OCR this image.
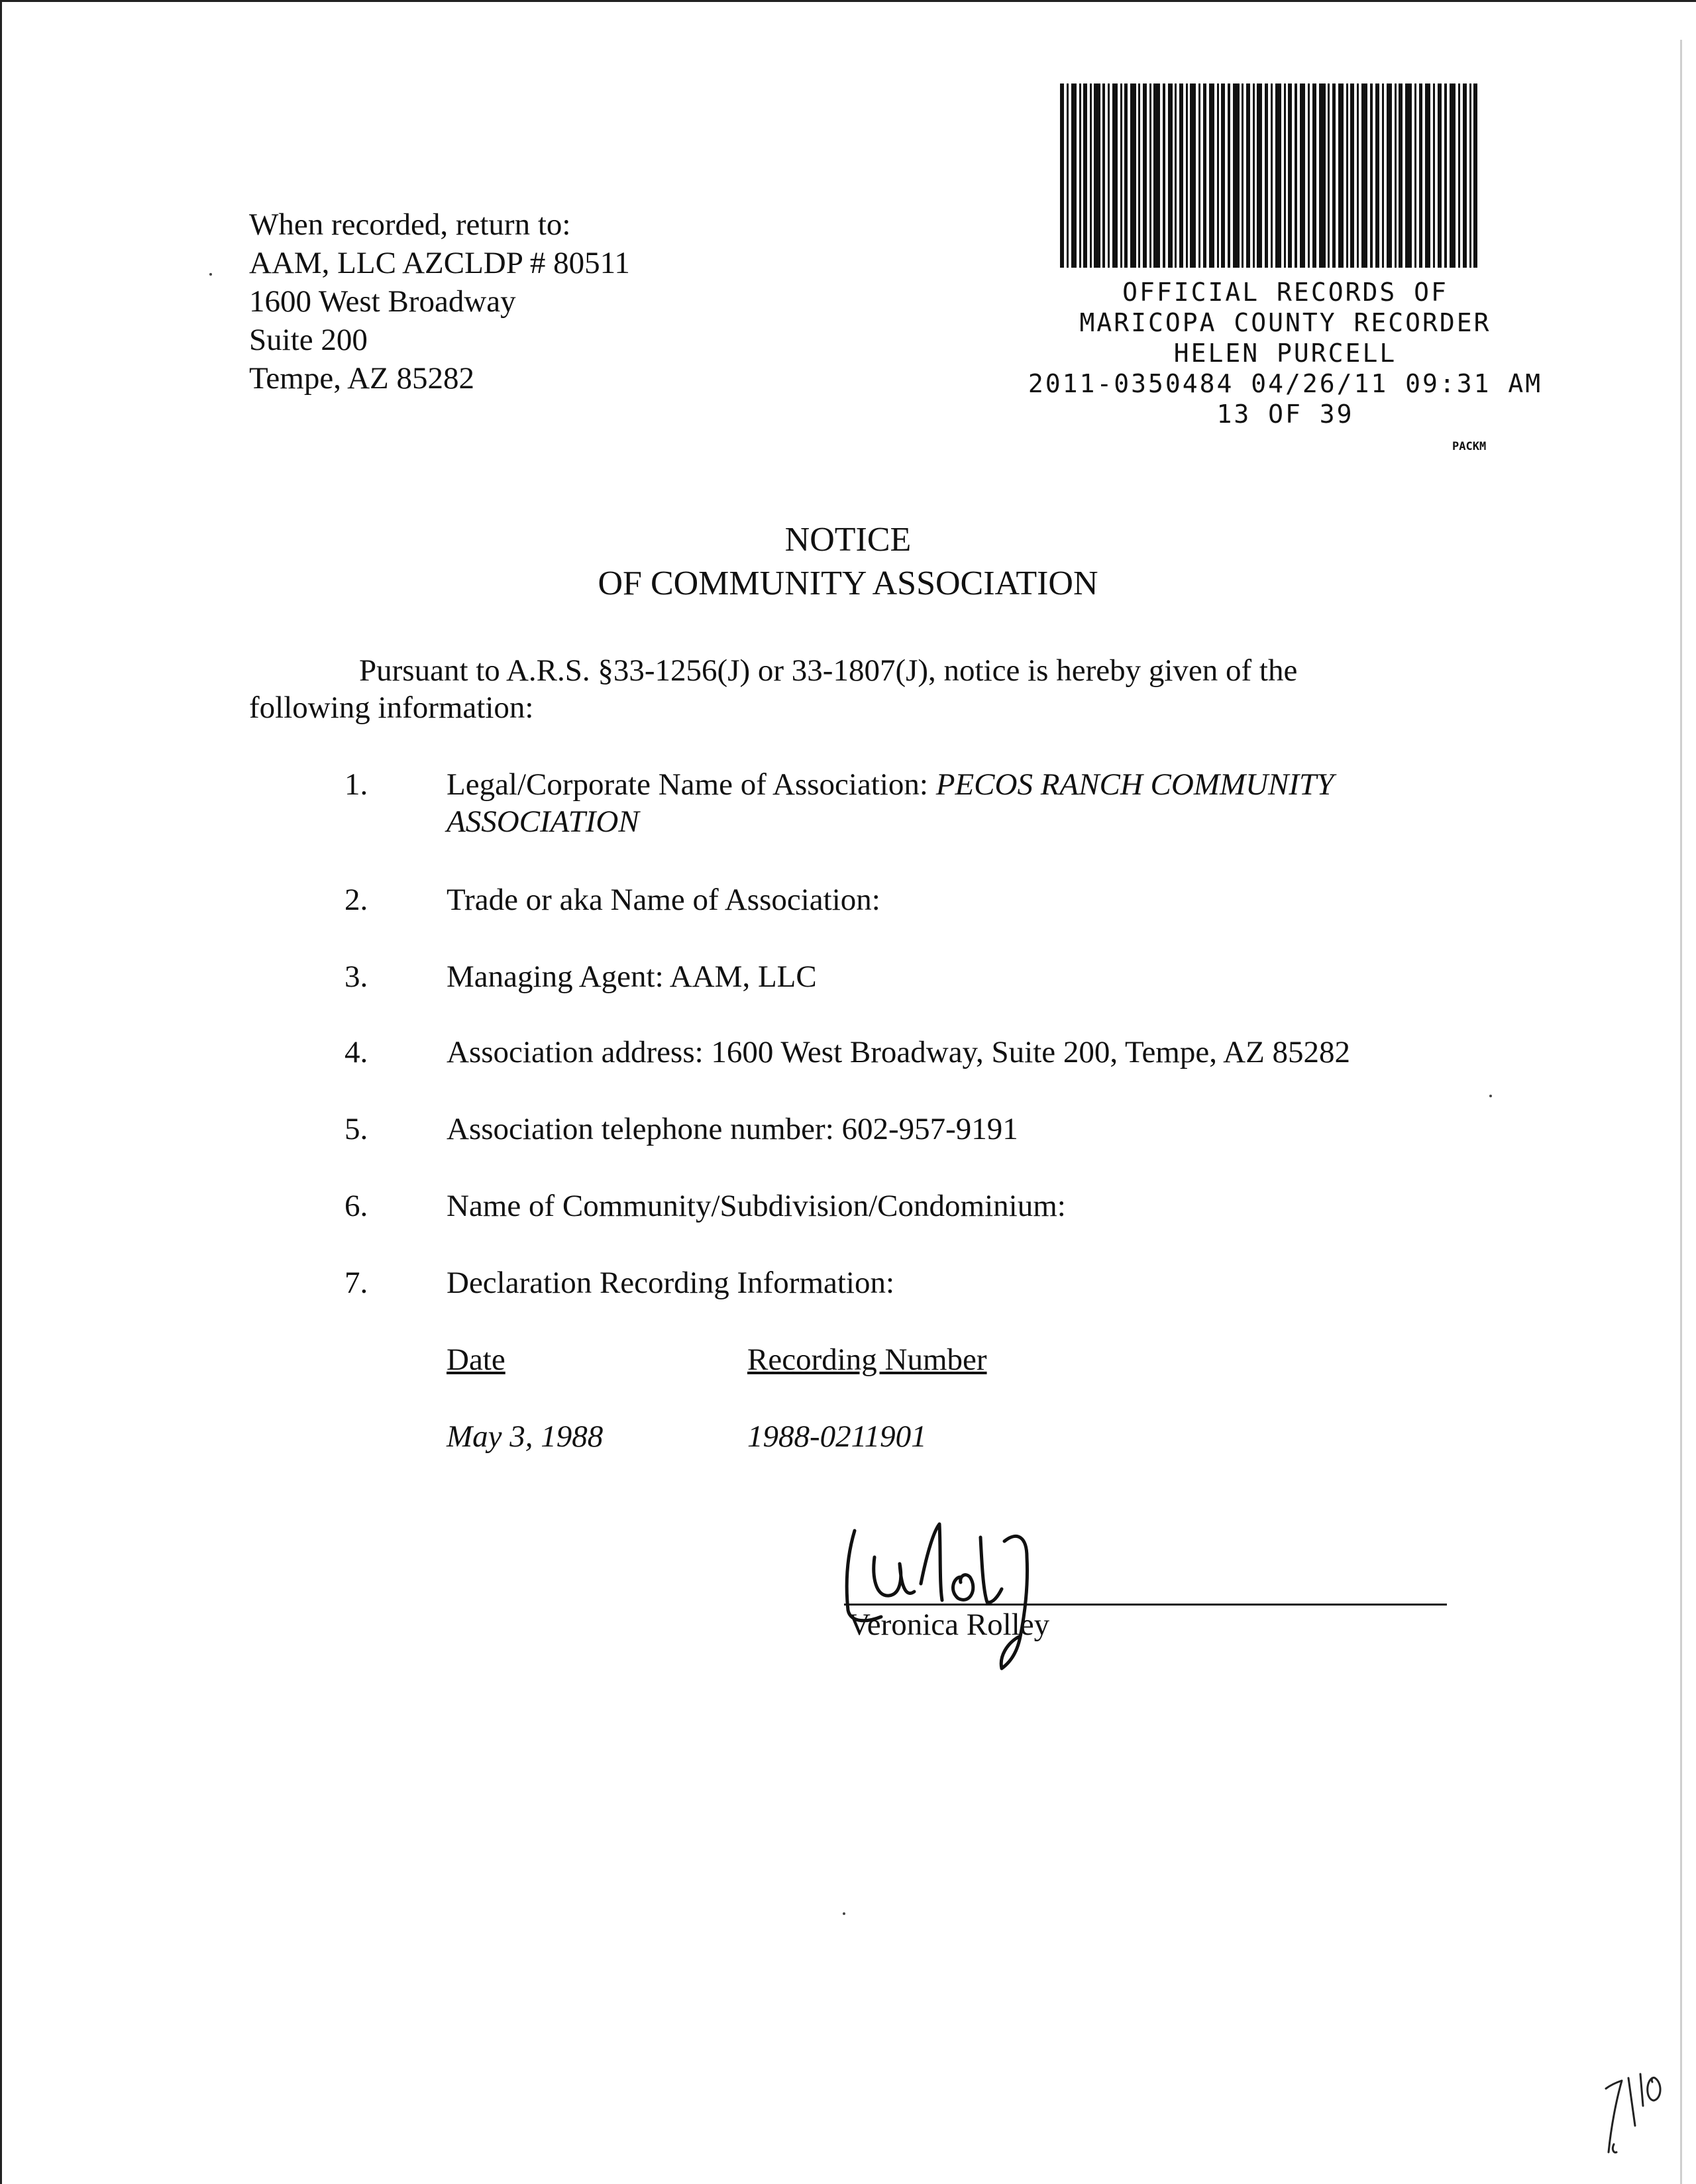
When recorded, return to:
AAM, LLC AZCLDP # 80511
1600 West Broadway
Suite 200
Tempe, AZ 85282
OFFICIAL RECORDS OF
MARICOPA COUNTY RECORDER
HELEN PURCELL
2011-0350484 04/26/11 09:31 AM
13 OF 39
PACKM
NOTICE
OF COMMUNITY ASSOCIATION
Pursuant to A.R.S. §33-1256(J) or 33-1807(J), notice is hereby given of the
following information:
1.	Legal/Corporate Name of Association: PECOS RANCH COMMUNITY ASSOCIATION
2.	Trade or aka Name of Association:
3.	Managing Agent: AAM, LLC
4.	Association address: 1600 West Broadway, Suite 200, Tempe, AZ 85282
5.	Association telephone number: 602-957-9191
6.	Name of Community/Subdivision/Condominium:
7.	Declaration Recording Information:
Date	Recording Number
May 3, 1988	1988-0211901
Veronica Rolley
